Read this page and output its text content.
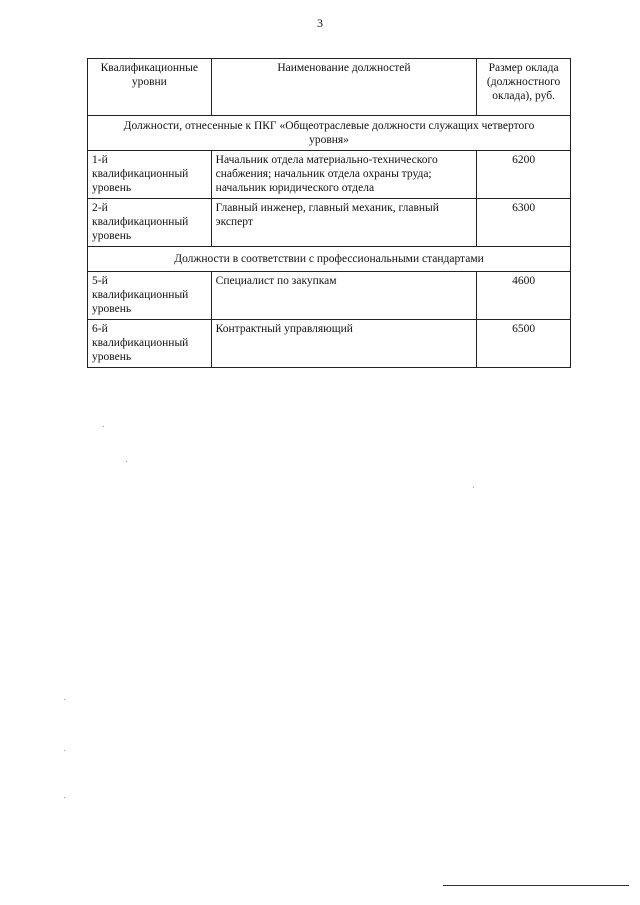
3
Квалификационные уровни	Наименование должностей	Размер оклада (должностного оклада), руб.
Должности, отнесенные к ПКГ «Общеотраслевые должности служащих четвертого уровня»		
1-й квалификационный уровень	Начальник отдела материально-технического снабжения; начальник отдела охраны труда; начальник юридического отдела	6200
2-й квалификационный уровень	Главный инженер, главный механик, главный эксперт	6300
Должности в соответствии с профессиональными стандартами		
5-й квалификационный уровень	Специалист по закупкам	4600
6-й квалификационный уровень	Контрактный управляющий	6500
